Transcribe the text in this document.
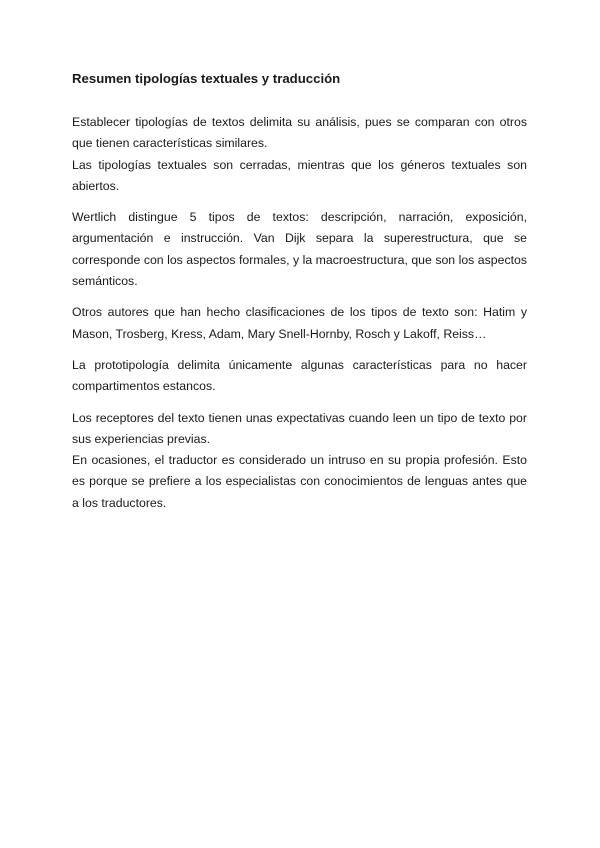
Resumen tipologías textuales y traducción

Establecer tipologías de textos delimita su análisis, pues se comparan con otros que tienen características similares.
Las tipologías textuales son cerradas, mientras que los géneros textuales son abiertos.

Wertlich distingue 5 tipos de textos: descripción, narración, exposición, argumentación e instrucción. Van Dijk separa la superestructura, que se corresponde con los aspectos formales, y la macroestructura, que son los aspectos semánticos.

Otros autores que han hecho clasificaciones de los tipos de texto son: Hatim y Mason, Trosberg, Kress, Adam, Mary Snell-Hornby, Rosch y Lakoff, Reiss…

La prototipología delimita únicamente algunas características para no hacer compartimentos estancos.

Los receptores del texto tienen unas expectativas cuando leen un tipo de texto por sus experiencias previas.
En ocasiones, el traductor es considerado un intruso en su propia profesión. Esto es porque se prefiere a los especialistas con conocimientos de lenguas antes que a los traductores.
